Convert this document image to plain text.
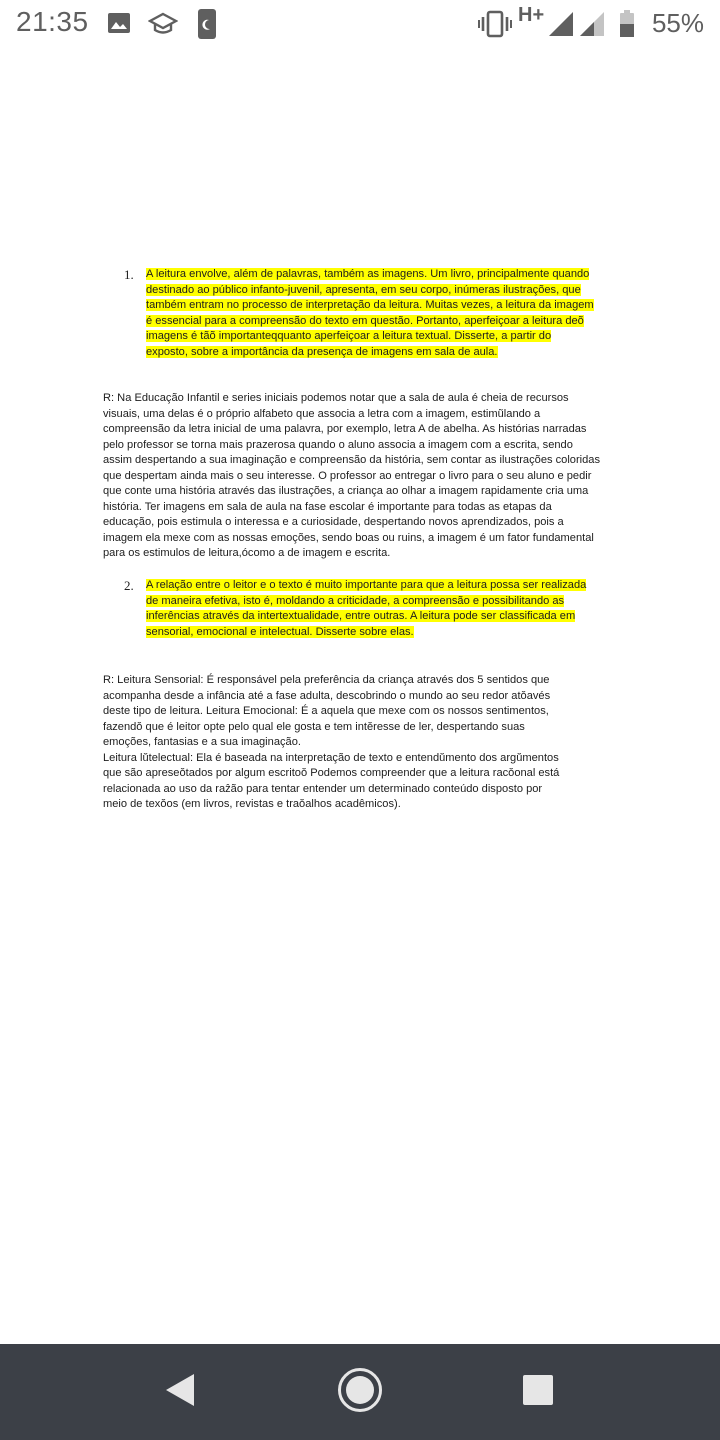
21:35	H+	55%
1. A leitura envolve, além de palavras, também as imagens. Um livro, principalmente quando
destinado ao público infanto-juvenil, apresenta, em seu corpo, inúmeras ilustrações, que
também entram no processo de interpretação da leitura. Muitas vezes, a leitura da imagem
é essencial para a compreensão do texto em questão. Portanto, aperfeiçoar a leitura deõ
imagens é tãõ importanteqquanto aperfeiçoar a leitura textual. Disserte, a partir do
exposto, sobre a importância da presença de imagens em sala de aula.

R: Na Educação Infantil e series iniciais podemos notar que a sala de aula é cheia de recursos

visuais, uma delas é o próprio alfabeto que associa a letra com a imagem, estimũlando a

compreensão da letra inicial de uma palavra, por exemplo, letra A de abelha. As histórias narradas

pelo professor se torna mais prazerosa quando o aluno associa a imagem com a escrita, sendo

assim despertando a sua imaginação e compreensão da história, sem contar as ilustrações coloridas

que despertam ainda mais o seu interesse. O professor ao entregar o livro para o seu aluno e pedir

que conte uma história através das ilustrações, a criança ao olhar a imagem rapidamente cria uma

história. Ter imagens em sala de aula na fase escolar é importante para todas as etapas da

educação, pois estimula o interessa e a curiosidade, despertando novos aprendizados, pois a

imagem ela mexe com as nossas emoções, sendo boas ou ruins, a imagem é um fator fundamental

para os estimulos de leitura,ócomo a de imagem e escrita.

2. A relação entre o leitor e o texto é muito importante para que a leitura possa ser realizada
de maneira efetiva, isto é, moldando a criticidade, a compreensão e possibilitando as
inferências através da intertextualidade, entre outras. A leitura pode ser classificada em
sensorial, emocional e intelectual. Disserte sobre elas.

R: Leitura Sensorial: É responsável pela preferência da criança através dos 5 sentidos que

acompanha desde a infância até a fase adulta, descobrindo o mundo ao seu redor atŏavés

deste tipo de leitura. Leitura Emocional: É a aquela que mexe com os nossos sentimentos,

fazendŏ que é leitor opte pelo qual ele gosta e tem intĕresse de ler, despertando suas

emoções, fantasias e a sua imaginação.

Leitura lŭtelectual: Ela é baseada na interpretação de texto e entendŭmento dos argŭmentos

que são apreseŏtados por algum escritoŏ Podemos compreender que a leitura racŏonal está

relacionada ao uso da raẑão para tentar entender um determinado conteúdo disposto por

meio de texŏos (em livros, revistas e traŏalhos acadêmicos).
